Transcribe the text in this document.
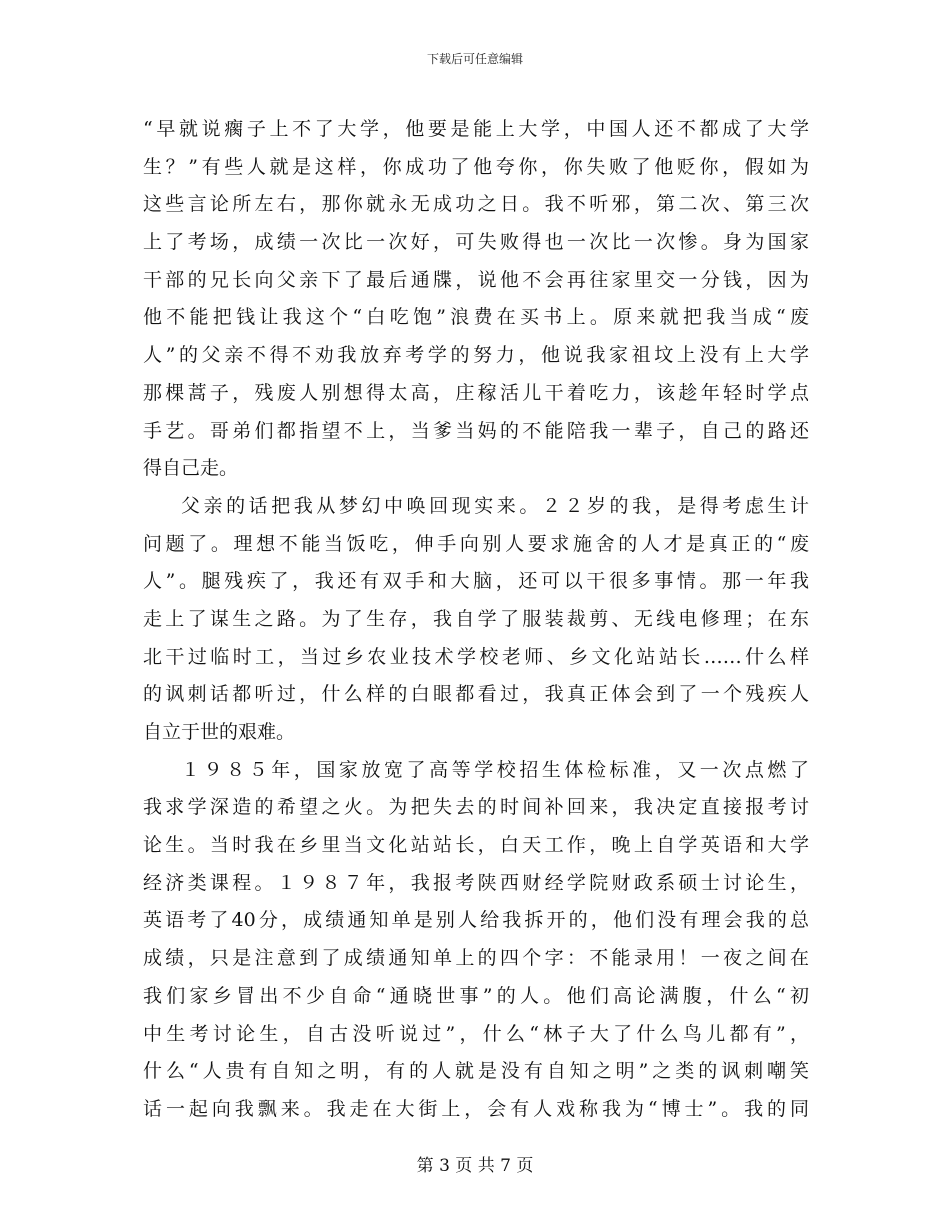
下载后可任意编辑
“早就说瘸子上不了大学，他要是能上大学，中国人还不都成了大学
生？”有些人就是这样，你成功了他夸你，你失败了他贬你，假如为
这些言论所左右，那你就永无成功之日。我不听邪，第二次、第三次
上了考场，成绩一次比一次好，可失败得也一次比一次惨。身为国家
干部的兄长向父亲下了最后通牒，说他不会再往家里交一分钱，因为
他不能把钱让我这个“白吃饱”浪费在买书上。原来就把我当成“废
人”的父亲不得不劝我放弃考学的努力，他说我家祖坟上没有上大学
那棵蒿子，残废人别想得太高，庄稼活儿干着吃力，该趁年轻时学点
手艺。哥弟们都指望不上，当爹当妈的不能陪我一辈子，自己的路还
得自己走。
父亲的话把我从梦幻中唤回现实来。２２岁的我，是得考虑生计
问题了。理想不能当饭吃，伸手向别人要求施舍的人才是真正的“废
人”。腿残疾了，我还有双手和大脑，还可以干很多事情。那一年我
走上了谋生之路。为了生存，我自学了服装裁剪、无线电修理；在东
北干过临时工，当过乡农业技术学校老师、乡文化站站长……什么样
的讽刺话都听过，什么样的白眼都看过，我真正体会到了一个残疾人
自立于世的艰难。
１９８５年，国家放宽了高等学校招生体检标准，又一次点燃了
我求学深造的希望之火。为把失去的时间补回来，我决定直接报考讨
论生。当时我在乡里当文化站站长，白天工作，晚上自学英语和大学
经济类课程。１９８７年，我报考陕西财经学院财政系硕士讨论生，
英语考了40分，成绩通知单是别人给我拆开的，他们没有理会我的总
成绩，只是注意到了成绩通知单上的四个字：不能录用！一夜之间在
我们家乡冒出不少自命“通晓世事”的人。他们高论满腹，什么“初
中生考讨论生，自古没听说过”，什么“林子大了什么鸟儿都有”，
什么“人贵有自知之明，有的人就是没有自知之明”之类的讽刺嘲笑
话一起向我飘来。我走在大街上，会有人戏称我为“博士”。我的同
第 3 页 共 7 页
